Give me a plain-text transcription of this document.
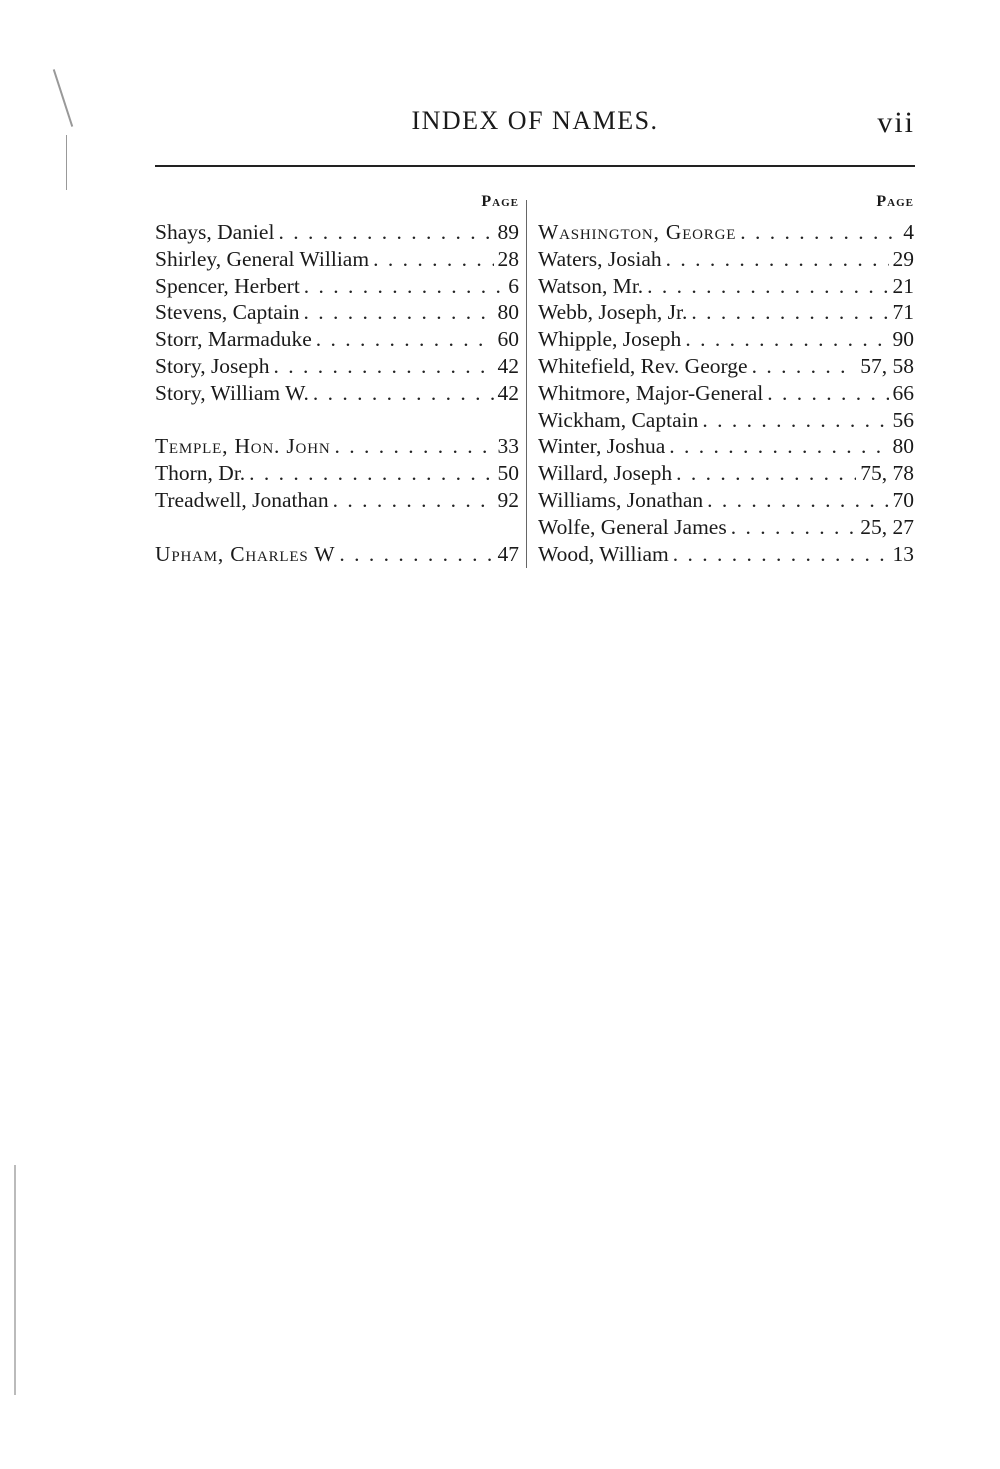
INDEX OF NAMES.	vii
Page
Shays, Daniel . . .	89
Shirley, General William . . .	28
Spencer, Herbert . . .	6
Stevens, Captain . . .	80
Storr, Marmaduke . . .	60
Story, Joseph . . .	42
Story, William W. . . .	42
Temple, Hon. John . . .	33
Thorn, Dr. . . .	50
Treadwell, Jonathan . . .	92
Upham, Charles W . . .	47
Page
Washington, George . . .	4
Waters, Josiah . . .	29
Watson, Mr. . . .	21
Webb, Joseph, Jr. . . .	71
Whipple, Joseph . . .	90
Whitefield, Rev. George . . .	57, 58
Whitmore, Major-General . . .	66
Wickham, Captain . . .	56
Winter, Joshua . . .	80
Willard, Joseph . . .	75, 78
Williams, Jonathan . . .	70
Wolfe, General James . . .	25, 27
Wood, William . . .	13
